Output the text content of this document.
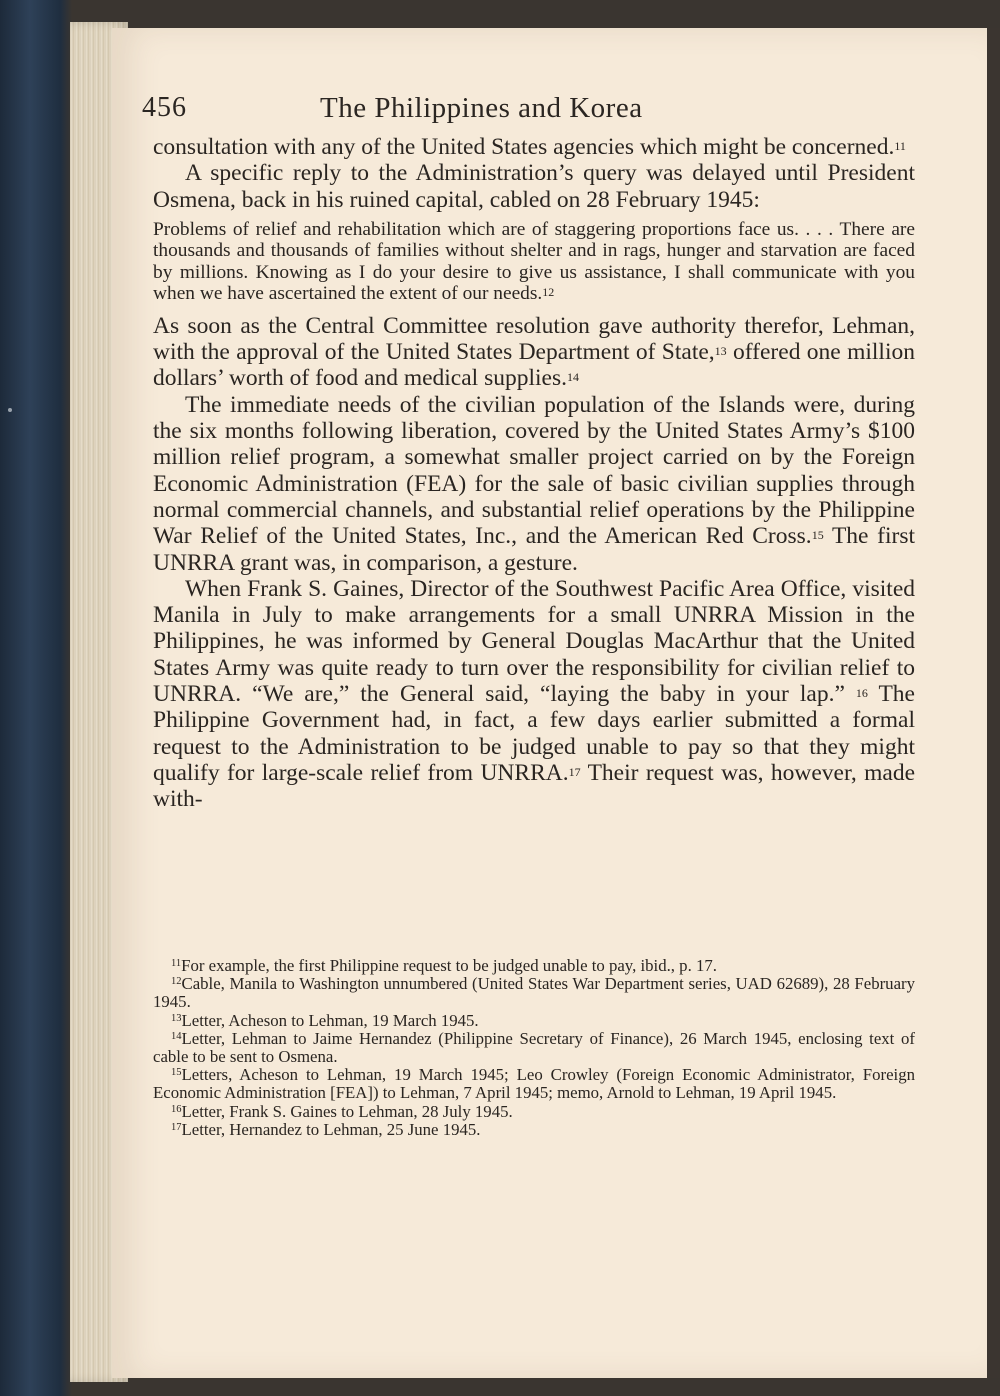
456	The Philippines and Korea

consultation with any of the United States agencies which might be concerned.$^{11}$

A specific reply to the Administration’s query was delayed until President Osmena, back in his ruined capital, cabled on 28 February 1945:

Problems of relief and rehabilitation which are of staggering proportions face us. . . . There are thousands and thousands of families without shelter and in rags, hunger and starvation are faced by millions. Knowing as I do your desire to give us assistance, I shall communicate with you when we have ascertained the extent of our needs.$^{12}$

As soon as the Central Committee resolution gave authority therefor, Lehman, with the approval of the United States Department of State,$^{13}$ offered one million dollars’ worth of food and medical supplies.$^{14}$

The immediate needs of the civilian population of the Islands were, during the six months following liberation, covered by the United States Army’s $100 million relief program, a somewhat smaller project carried on by the Foreign Economic Administration (FEA) for the sale of basic civilian supplies through normal commercial channels, and substantial relief operations by the Philippine War Relief of the United States, Inc., and the American Red Cross.$^{15}$ The first UNRRA grant was, in comparison, a gesture.

When Frank S. Gaines, Director of the Southwest Pacific Area Office, visited Manila in July to make arrangements for a small UNRRA Mission in the Philippines, he was informed by General Douglas MacArthur that the United States Army was quite ready to turn over the responsibility for civilian relief to UNRRA. “We are,” the General said, “laying the baby in your lap.” $^{16}$ The Philippine Government had, in fact, a few days earlier submitted a formal request to the Administration to be judged unable to pay so that they might qualify for large-scale relief from UNRRA.$^{17}$ Their request was, however, made with-

$^{11}$For example, the first Philippine request to be judged unable to pay, ibid., p. 17.

$^{12}$Cable, Manila to Washington unnumbered (United States War Department series, UAD 62689), 28 February 1945.

$^{13}$Letter, Acheson to Lehman, 19 March 1945.

$^{14}$Letter, Lehman to Jaime Hernandez (Philippine Secretary of Finance), 26 March 1945, enclosing text of cable to be sent to Osmena.

$^{15}$Letters, Acheson to Lehman, 19 March 1945; Leo Crowley (Foreign Economic Administrator, Foreign Economic Administration [FEA]) to Lehman, 7 April 1945; memo, Arnold to Lehman, 19 April 1945.

$^{16}$Letter, Frank S. Gaines to Lehman, 28 July 1945.

$^{17}$Letter, Hernandez to Lehman, 25 June 1945.
